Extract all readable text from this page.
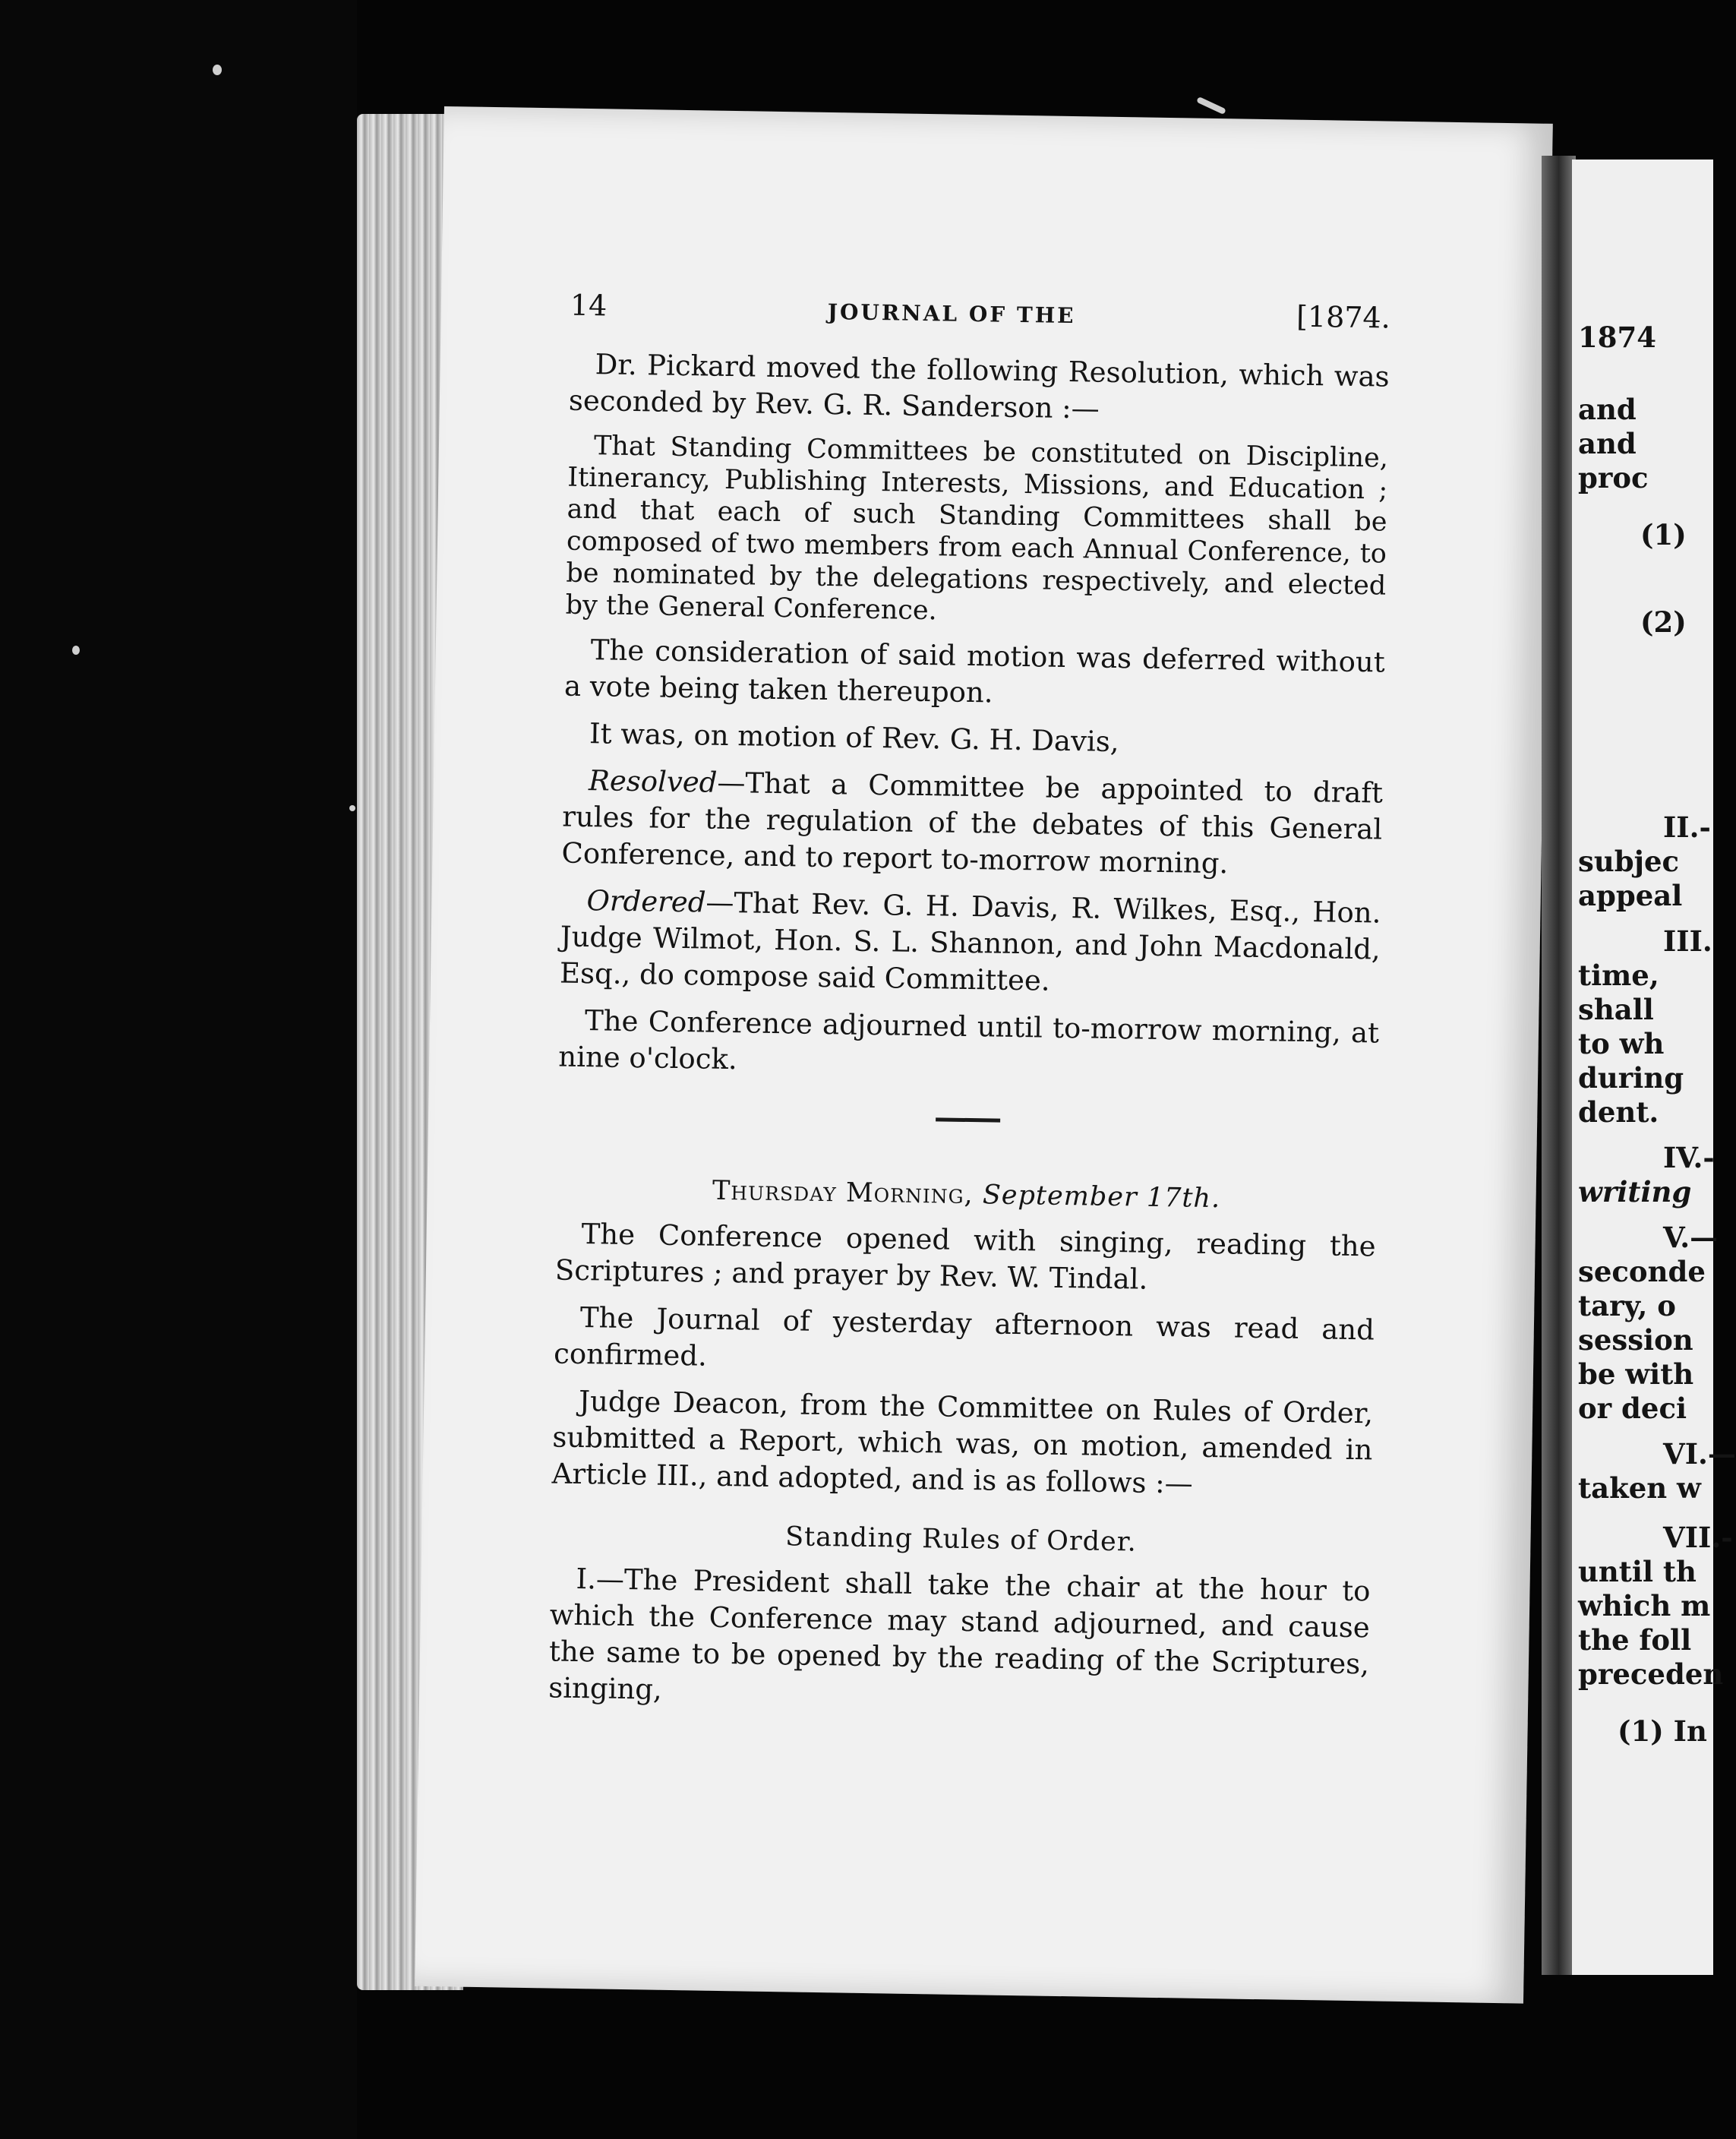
14	JOURNAL OF THE	[1874.

Dr. Pickard moved the following Resolution, which was seconded by Rev. G. R. Sanderson :—

That Standing Committees be constituted on Discipline, Itinerancy, Publishing Interests, Missions, and Education ; and that each of such Standing Committees shall be composed of two members from each Annual Conference, to be nominated by the delegations respectively, and elected by the General Conference.

The consideration of said motion was deferred without a vote being taken thereupon.

It was, on motion of Rev. G. H. Davis,

Resolved—That a Committee be appointed to draft rules for the regulation of the debates of this General Conference, and to report to-morrow morning.

Ordered—That Rev. G. H. Davis, R. Wilkes, Esq., Hon. Judge Wilmot, Hon. S. L. Shannon, and John Macdonald, Esq., do compose said Committee.

The Conference adjourned until to-morrow morning, at nine o'clock.

Thursday Morning, September 17th.

The Conference opened with singing, reading the Scriptures ; and prayer by Rev. W. Tindal.

The Journal of yesterday afternoon was read and confirmed.

Judge Deacon, from the Committee on Rules of Order, submitted a Report, which was, on motion, amended in Article III., and adopted, and is as follows :—

Standing Rules of Order.

I.—The President shall take the chair at the hour to which the Conference may stand adjourned, and cause the same to be opened by the reading of the Scriptures, singing,

1874
and
and
proc
(1)
(2)
II.-
subjec
appeal
III.
time,
shall
to wh
during
dent.
IV.-
writing
V.—
seconde
tary, o
session
be with
or deci
VI.—
taken w
VII.-
until th
which m
the foll
preceden
(1) In
